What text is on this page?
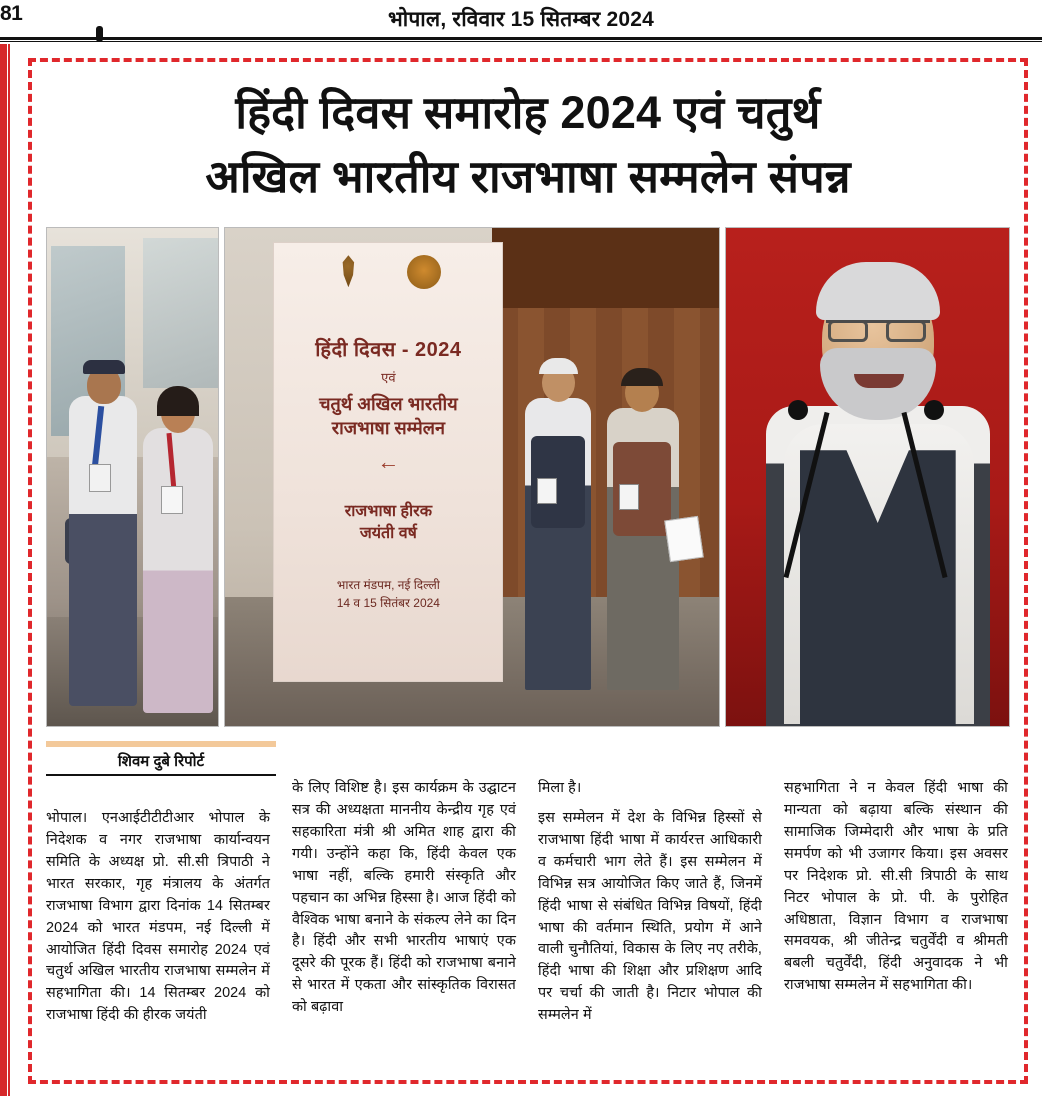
81	भोपाल, रविवार 15 सितम्बर 2024
हिंदी दिवस समारोह 2024 एवं चतुर्थ
अखिल भारतीय राजभाषा सम्मलेन संपन्न
हिंदी दिवस - 2024
एवं
चतुर्थ अखिल भारतीय
राजभाषा सम्मेलन
←
राजभाषा हीरक
जयंती वर्ष
भारत मंडपम, नई दिल्ली
14 व 15 सितंबर 2024
शिवम दुबे रिपोर्ट

भोपाल। एनआईटीटीटीआर भोपाल के निदेशक व नगर राजभाषा कार्यान्वयन समिति के अध्यक्ष प्रो. सी.सी त्रिपाठी ने भारत सरकार, गृह मंत्रालय के अंतर्गत राजभाषा विभाग द्वारा दिनांक 14 सितम्बर 2024 को भारत मंडपम, नई दिल्ली में आयोजित हिंदी दिवस समारोह 2024 एवं चतुर्थ अखिल भारतीय राजभाषा सम्मलेन में सहभागिता की। 14 सितम्बर 2024 को राजभाषा हिंदी की हीरक जयंती

के लिए विशिष्ट है। इस कार्यक्रम के उद्घाटन सत्र की अध्यक्षता माननीय केन्द्रीय गृह एवं सहकारिता मंत्री श्री अमित शाह द्वारा की गयी। उन्होंने कहा कि, हिंदी केवल एक भाषा नहीं, बल्कि हमारी संस्कृति और पहचान का अभिन्न हिस्सा है। आज हिंदी को वैश्विक भाषा बनाने के संकल्प लेने का दिन है। हिंदी और सभी भारतीय भाषाएं एक दूसरे की पूरक हैं। हिंदी को राजभाषा बनाने से भारत में एकता और सांस्कृतिक विरासत को बढ़ावा

मिला है।

इस सम्मेलन में देश के विभिन्न हिस्सों से राजभाषा हिंदी भाषा में कार्यरत्त आधिकारी व कर्मचारी भाग लेते हैं। इस सम्मेलन में विभिन्न सत्र आयोजित किए जाते हैं, जिनमें हिंदी भाषा से संबंधित विभिन्न विषयों, हिंदी भाषा की वर्तमान स्थिति, प्रयोग में आने वाली चुनौतियां, विकास के लिए नए तरीके, हिंदी भाषा की शिक्षा और प्रशिक्षण आदि पर चर्चा की जाती है। निटार भोपाल की सम्मलेन में

सहभागिता ने न केवल हिंदी भाषा की मान्यता को बढ़ाया बल्कि संस्थान की सामाजिक जिम्मेदारी और भाषा के प्रति समर्पण को भी उजागर किया। इस अवसर पर निदेशक प्रो. सी.सी त्रिपाठी के साथ निटर भोपाल के प्रो. पी. के पुरोहित अधिष्ठाता, विज्ञान विभाग व राजभाषा समवयक, श्री जीतेन्द्र चतुर्वेंदी व श्रीमती बबली चतुर्वेंदी, हिंदी अनुवादक ने भी राजभाषा सम्मलेन में सहभागिता की।
